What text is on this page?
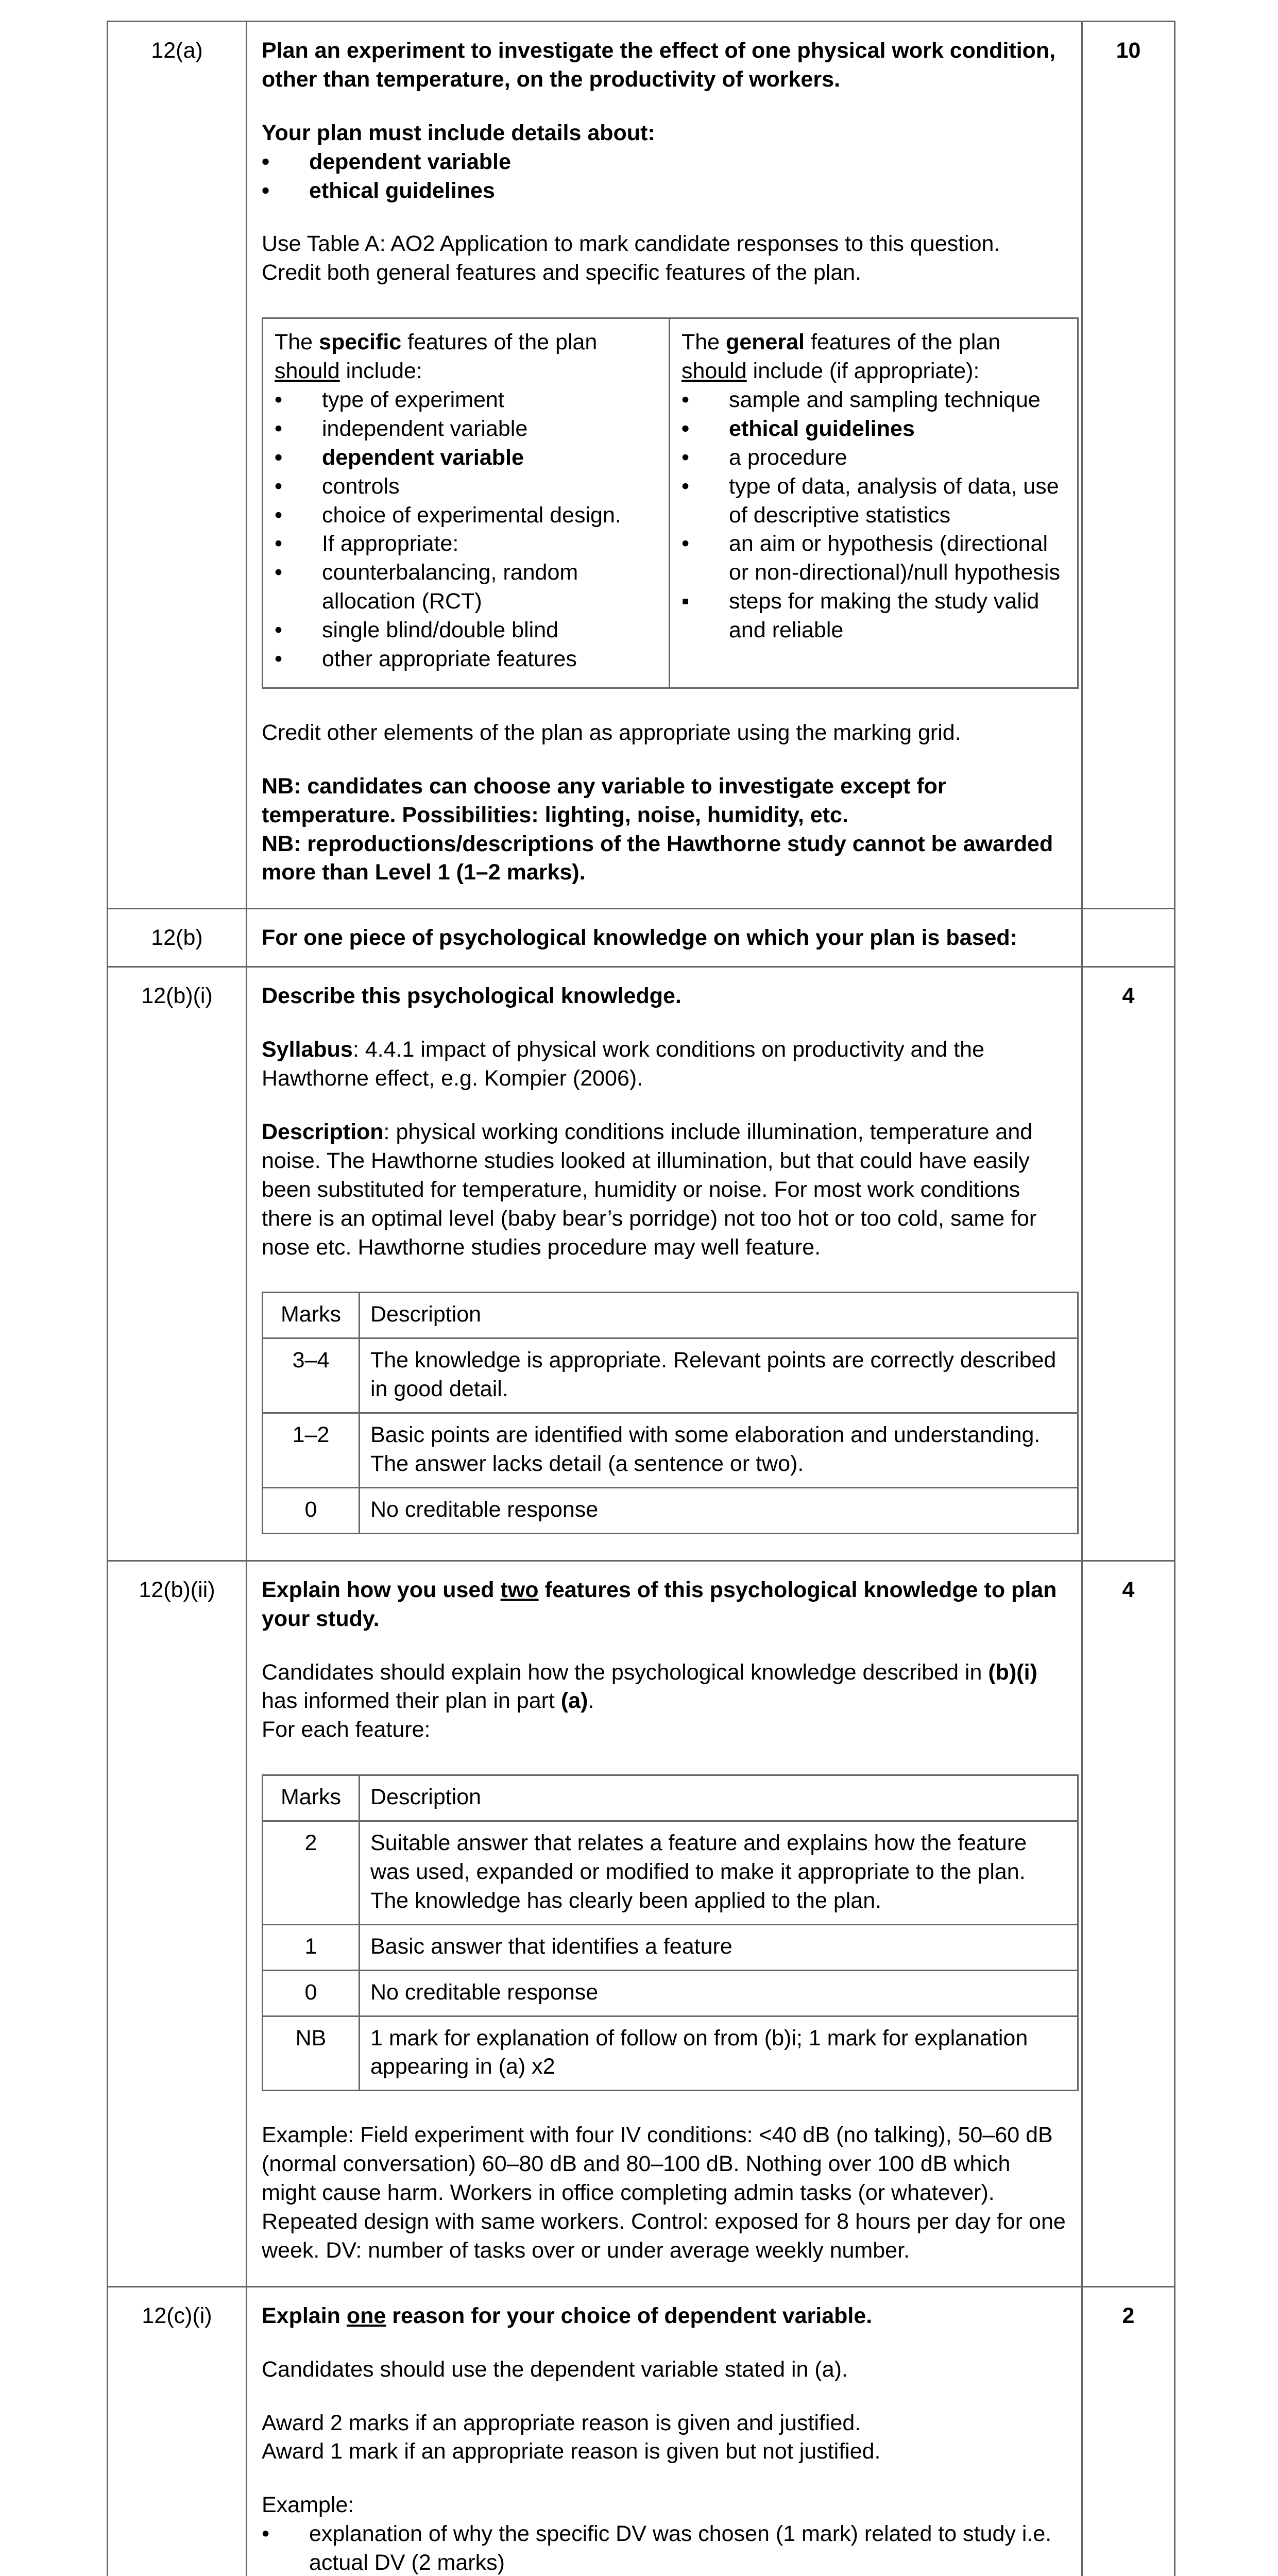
12(a)	Plan an experiment to investigate the effect of one physical work condition, other than temperature, on the productivity of workers.

Your plan must include details about:

• dependent variable
• ethical guidelines

Use Table A: AO2 Application to mark candidate responses to this question.

Credit both general features and specific features of the plan.

The specific features of the plan
should include:

• type of experiment
• independent variable
• dependent variable
• controls
• choice of experimental design.
• If appropriate:
• counterbalancing, random allocation (RCT)
• single blind/double blind
• other appropriate features

The general features of the plan
should include (if appropriate):

• sample and sampling technique
• ethical guidelines
• a procedure
• type of data, analysis of data, use of descriptive statistics
• an aim or hypothesis (directional or non-directional)/null hypothesis
▪ steps for making the study valid and reliable

Credit other elements of the plan as appropriate using the marking grid.

NB: candidates can choose any variable to investigate except for temperature. Possibilities: lighting, noise, humidity, etc.

NB: reproductions/descriptions of the Hawthorne study cannot be awarded more than Level 1 (1–2 marks).

	10
12(b)	For one piece of psychological knowledge on which your plan is based:

12(b)(i)	Describe this psychological knowledge.

Syllabus: 4.4.1 impact of physical work conditions on productivity and the Hawthorne effect, e.g. Kompier (2006).

Description: physical working conditions include illumination, temperature and noise. The Hawthorne studies looked at illumination, but that could have easily been substituted for temperature, humidity or noise. For most work conditions there is an optimal level (baby bear’s porridge) not too hot or too cold, same for nose etc. Hawthorne studies procedure may well feature.

Marks	Description
3–4	The knowledge is appropriate. Relevant points are correctly described in good detail.
1–2	Basic points are identified with some elaboration and understanding. The answer lacks detail (a sentence or two).
0	No creditable response
	4
12(b)(ii)	Explain how you used two features of this psychological knowledge to plan your study.

Candidates should explain how the psychological knowledge described in (b)(i) has informed their plan in part (a).

For each feature:

Marks	Description
2	Suitable answer that relates a feature and explains how the feature was used, expanded or modified to make it appropriate to the plan. The knowledge has clearly been applied to the plan.
1	Basic answer that identifies a feature
0	No creditable response
NB	1 mark for explanation of follow on from (b)i; 1 mark for explanation appearing in (a) x2

Example: Field experiment with four IV conditions: <40 dB (no talking), 50–60 dB (normal conversation) 60–80 dB and 80–100 dB. Nothing over 100 dB which might cause harm. Workers in office completing admin tasks (or whatever). Repeated design with same workers. Control: exposed for 8 hours per day for one week. DV: number of tasks over or under average weekly number.

	4
12(c)(i)	Explain one reason for your choice of dependent variable.

Candidates should use the dependent variable stated in (a).

Award 2 marks if an appropriate reason is given and justified.

Award 1 mark if an appropriate reason is given but not justified.

Example:

• explanation of why the specific DV was chosen (1 mark) related to study i.e. actual DV (2 marks)

	2
